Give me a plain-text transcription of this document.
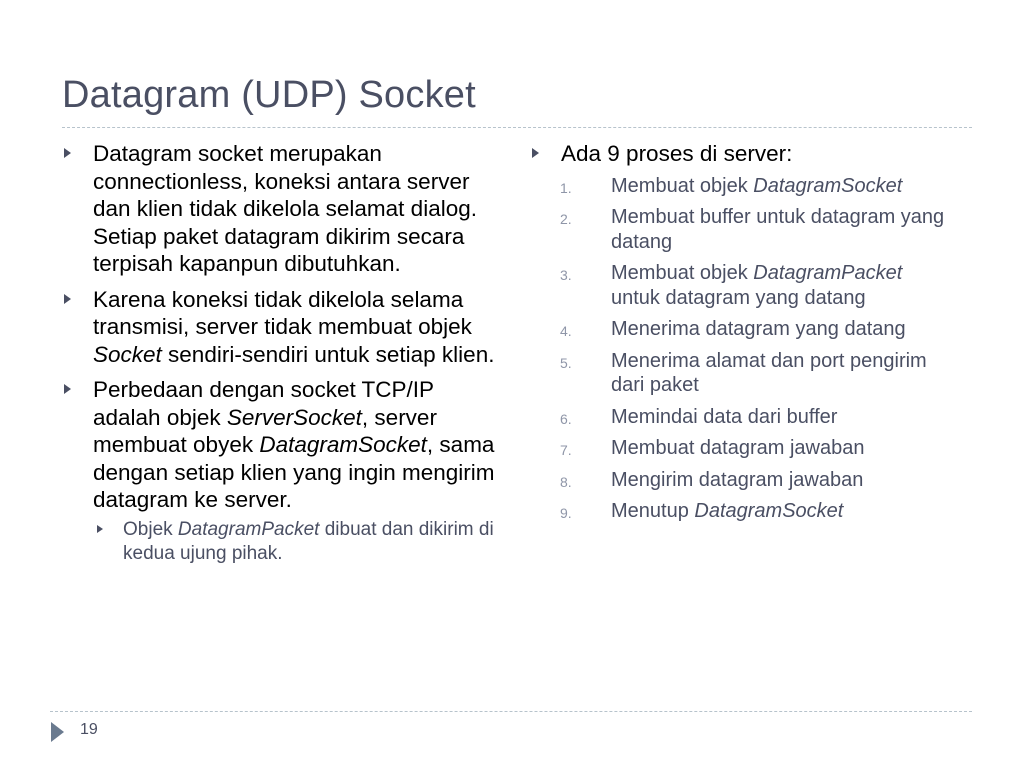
Datagram (UDP) Socket
Datagram socket merupakan connectionless, koneksi antara server dan klien tidak dikelola selamat dialog. Setiap paket datagram dikirim secara terpisah kapanpun dibutuhkan.
Karena koneksi tidak dikelola selama transmisi, server tidak membuat objek Socket sendiri-sendiri untuk setiap klien.
Perbedaan dengan socket TCP/IP adalah objek ServerSocket, server membuat obyek DatagramSocket, sama dengan setiap klien yang ingin mengirim datagram ke server.
Objek DatagramPacket dibuat dan dikirim di kedua ujung pihak.
Ada 9 proses di server:
1. Membuat objek DatagramSocket
2. Membuat buffer untuk datagram yang datang
3. Membuat objek DatagramPacket untuk datagram yang datang
4. Menerima datagram yang datang
5. Menerima alamat dan port pengirim dari paket
6. Memindai data dari buffer
7. Membuat datagram jawaban
8. Mengirim datagram jawaban
9. Menutup DatagramSocket
19
